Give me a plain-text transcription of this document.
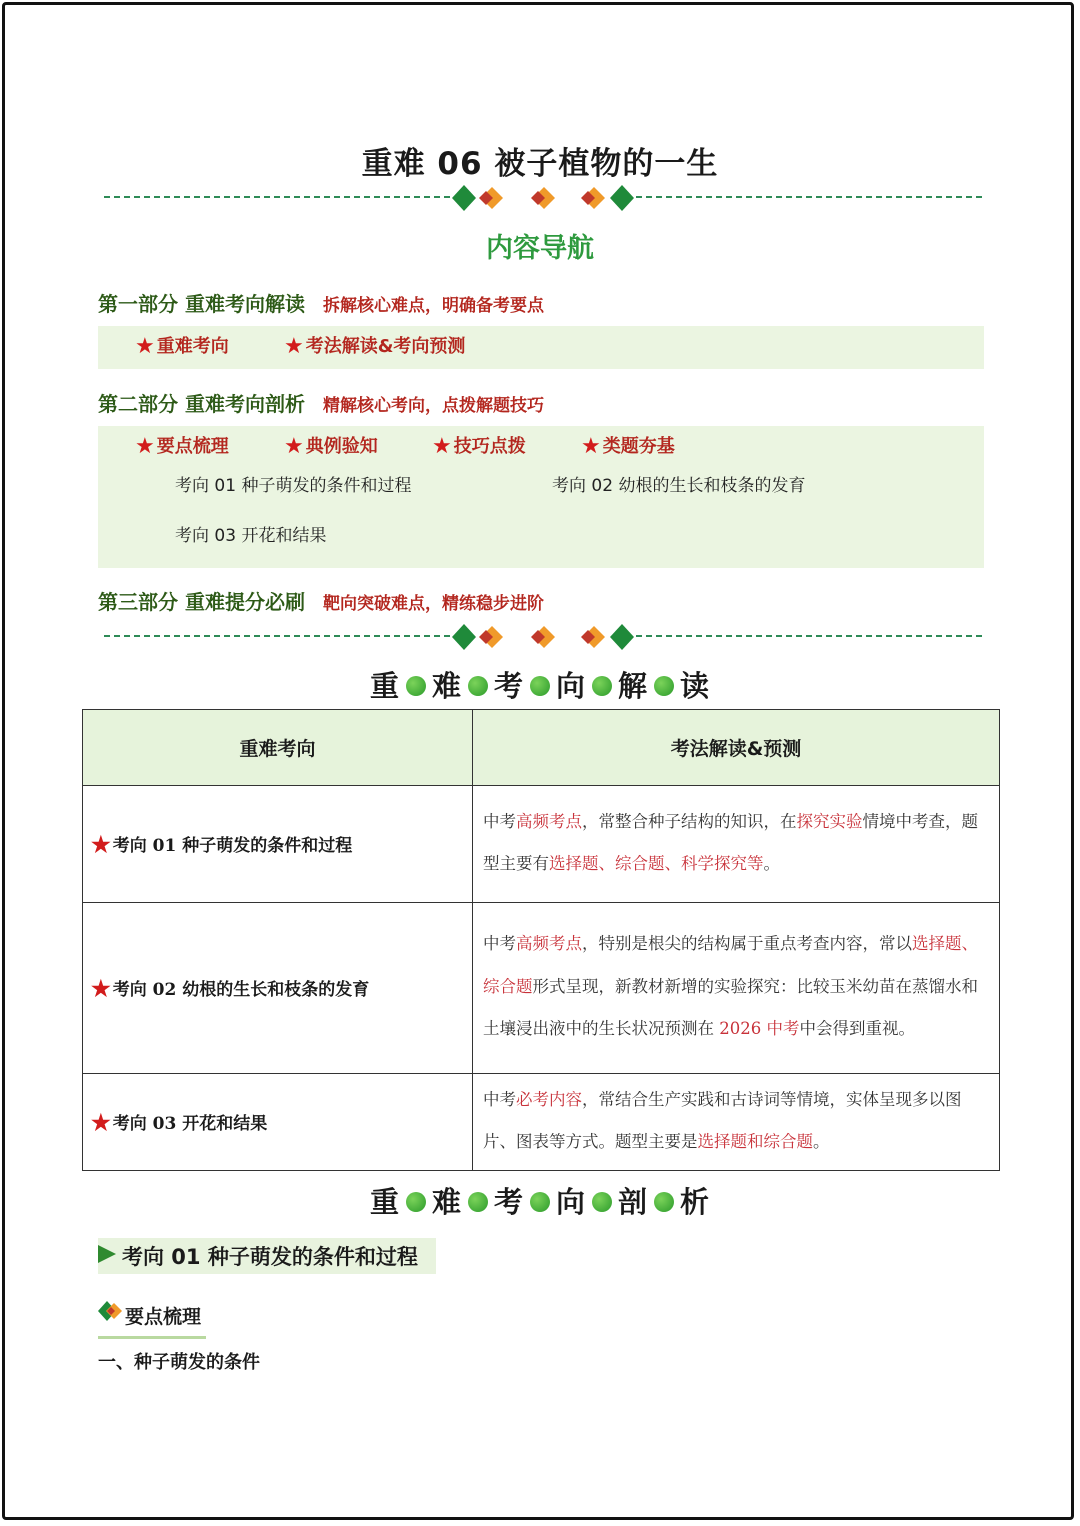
重难 06 被子植物的一生
内容导航
第一部分 重难考向解读 拆解核心难点，明确备考要点
★ 重难考向	★ 考法解读&考向预测
第二部分 重难考向剖析 精解核心考向，点拨解题技巧
★ 要点梳理	★ 典例验知 ★ 技巧点拨	★ 类题夯基
考向 01 种子萌发的条件和过程	考向 02 幼根的生长和枝条的发育
考向 03 开花和结果
第三部分 重难提分必刷 靶向突破难点，精练稳步进阶
重 难 考 向 解 读
重难考向	考法解读&预测
★ 考向 01 种子萌发的条件和过程	中考高频考点，常整合种子结构的知识，在探究实验情境中考查，题型主要有选择题、综合题、科学探究等。
★ 考向 02 幼根的生长和枝条的发育	中考高频考点，特别是根尖的结构属于重点考查内容，常以选择题、综合题形式呈现，新教材新增的实验探究：比较玉米幼苗在蒸馏水和土壤浸出液中的生长状况预测在 2026 中考中会得到重视。
★ 考向 03 开花和结果	中考必考内容，常结合生产实践和古诗词等情境，实体呈现多以图片、图表等方式。题型主要是选择题和综合题。
重 难 考 向 剖 析
考向 01 种子萌发的条件和过程
要点梳理
一、种子萌发的条件
